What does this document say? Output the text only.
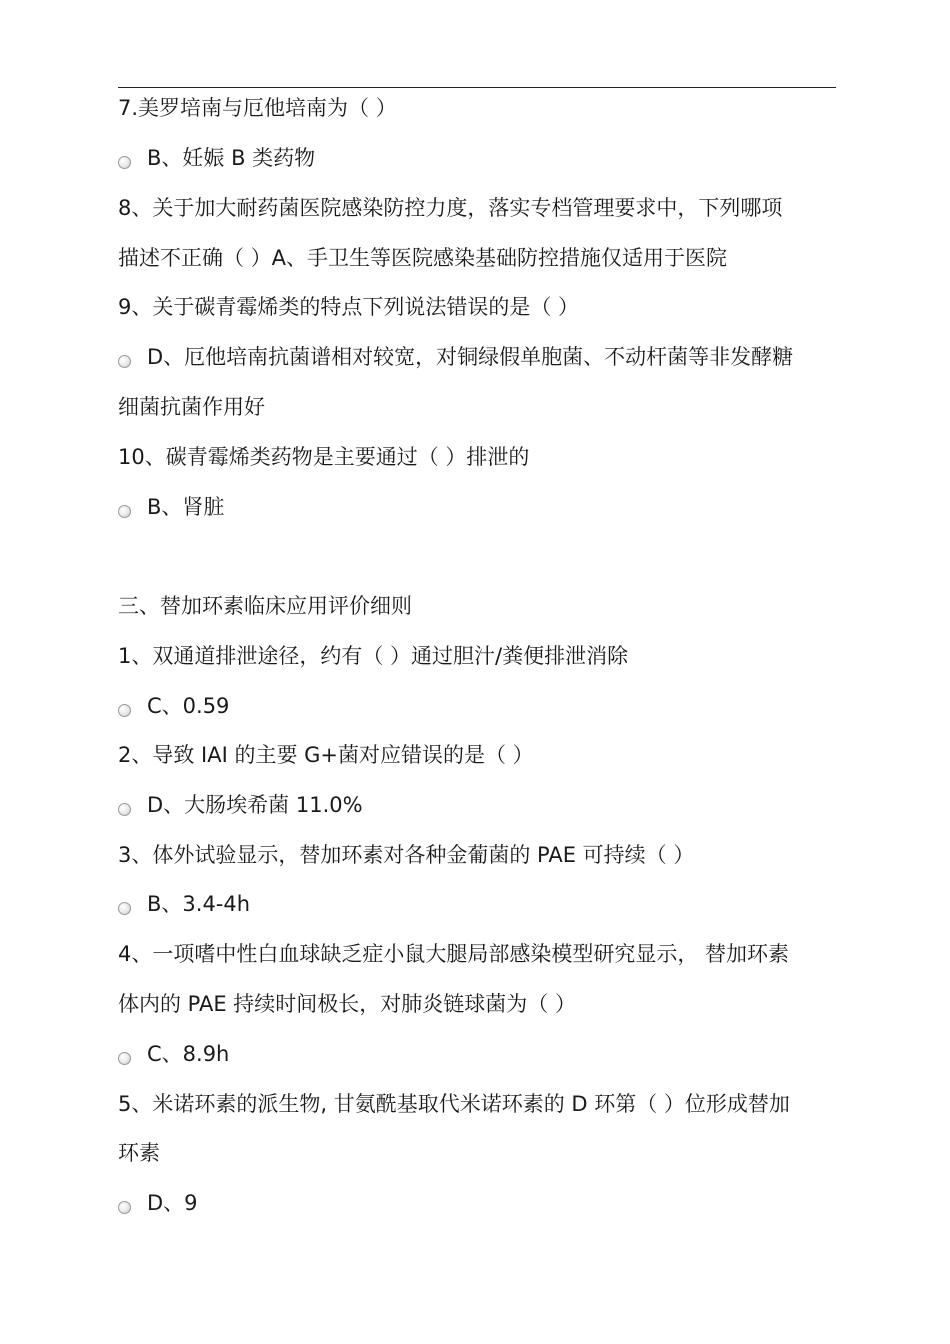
7.美罗培南与厄他培南为（ ）
B、妊娠 B 类药物
8、关于加大耐药菌医院感染防控力度，落实专档管理要求中，下列哪项
描述不正确（ ）A、手卫生等医院感染基础防控措施仅适用于医院
9、关于碳青霉烯类的特点下列说法错误的是（ ）
D、厄他培南抗菌谱相对较宽，对铜绿假单胞菌、不动杆菌等非发酵糖
细菌抗菌作用好
10、碳青霉烯类药物是主要通过（ ）排泄的
B、肾脏
三、替加环素临床应用评价细则
1、双通道排泄途径，约有（ ）通过胆汁/粪便排泄消除
C、0.59
2、导致 IAI 的主要 G+菌对应错误的是（ ）
D、大肠埃希菌 11.0%
3、体外试验显示，替加环素对各种金葡菌的 PAE 可持续（ ）
B、3.4-4h
4、一项嗜中性白血球缺乏症小鼠大腿局部感染模型研究显示， 替加环素
体内的 PAE 持续时间极长，对肺炎链球菌为（ ）
C、8.9h
5、米诺环素的派生物, 甘氨酰基取代米诺环素的 D 环第（ ）位形成替加
环素
D、9
